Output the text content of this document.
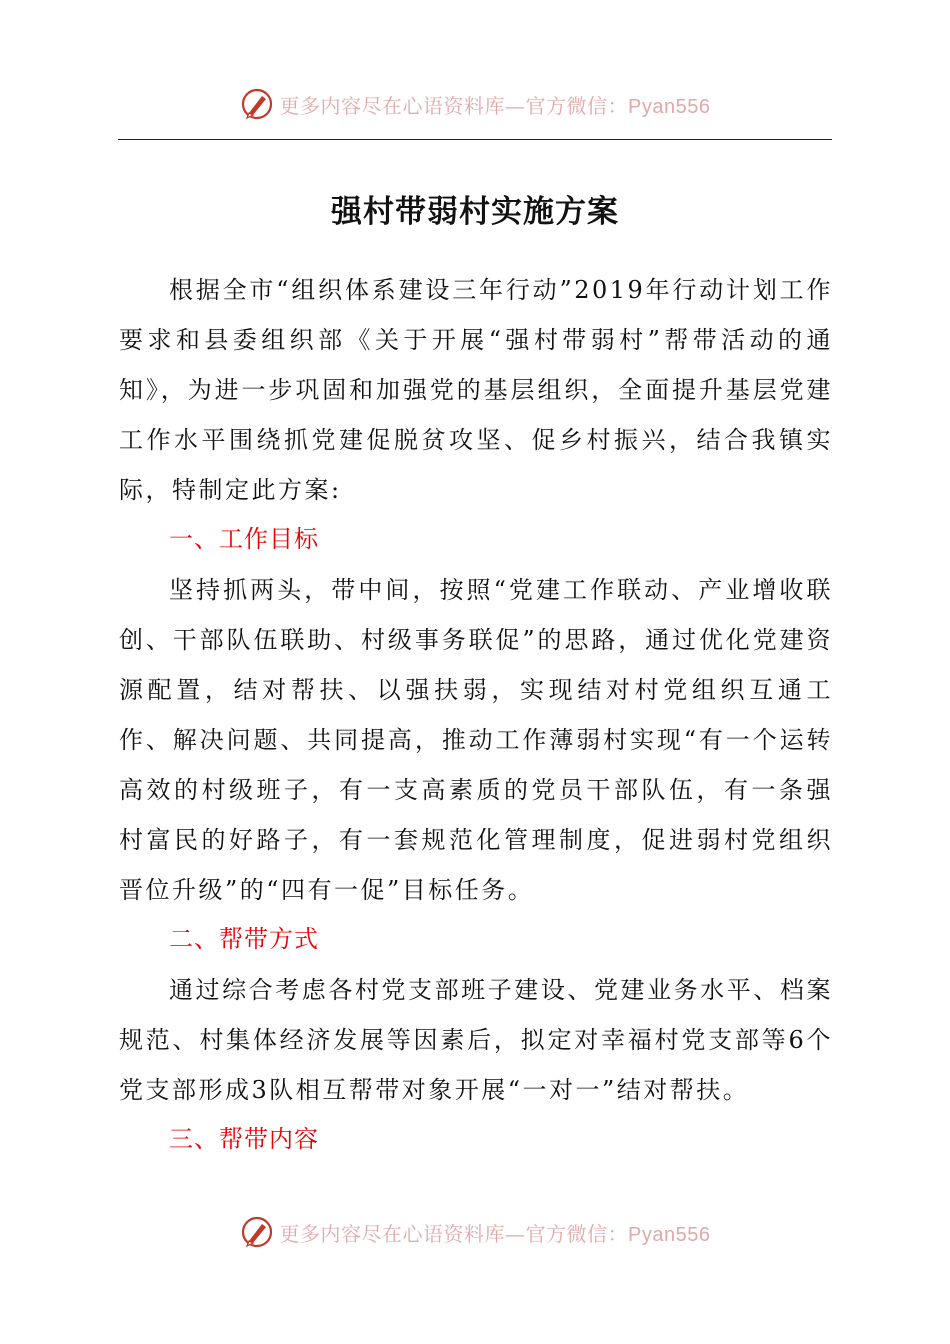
更多内容尽在心语资料库—官方微信：Pyan556
强村带弱村实施方案

根据全市“组织体系建设三年行动”2019年行动计划工作要求和县委组织部《关于开展“强村带弱村”帮带活动的通知》，为进一步巩固和加强党的基层组织，全面提升基层党建工作水平围绕抓党建促脱贫攻坚、促乡村振兴，结合我镇实际，特制定此方案:

一、工作目标

坚持抓两头，带中间，按照“党建工作联动、产业增收联创、干部队伍联助、村级事务联促”的思路，通过优化党建资源配置，结对帮扶、以强扶弱，实现结对村党组织互通工作、解决问题、共同提高，推动工作薄弱村实现“有一个运转高效的村级班子，有一支高素质的党员干部队伍，有一条强村富民的好路子，有一套规范化管理制度，促进弱村党组织晋位升级”的“四有一促”目标任务。

二、帮带方式

通过综合考虑各村党支部班子建设、党建业务水平、档案规范、村集体经济发展等因素后，拟定对幸福村党支部等6个党支部形成3队相互帮带对象开展“一对一”结对帮扶。

三、帮带内容

更多内容尽在心语资料库—官方微信：Pyan556
